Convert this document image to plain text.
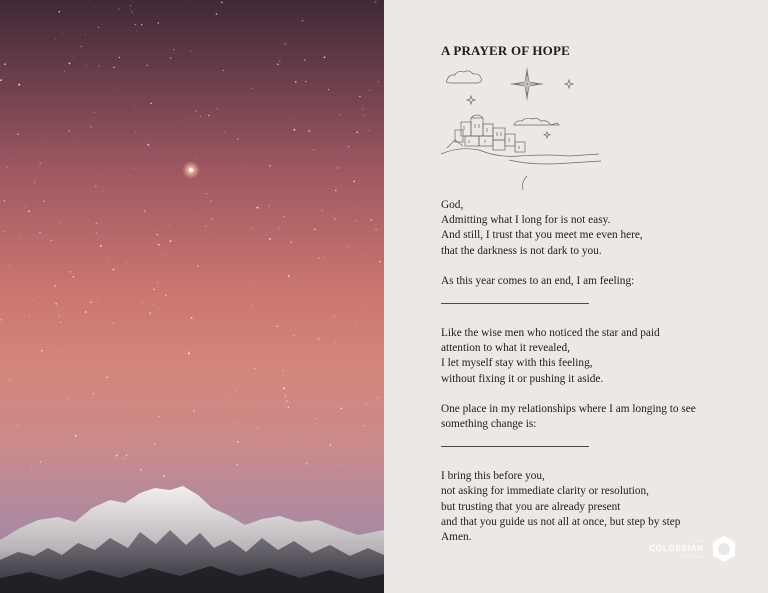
A PRAYER OF HOPE

God,

Admitting what I long for is not easy.

And still, I trust that you meet me even here,

that the darkness is not dark to you.

As this year comes to an end, I am feeling:

Like the wise men who noticed the star and paid

attention to what it revealed,

I let myself stay with this feeling,

without fixing it or pushing it aside.

One place in my relationships where I am longing to see

something change is:

I bring this before you,

not asking for immediate clarity or resolution,

but trusting that you are already present

and that you guide us not all at once, but step by step

Amen.	THE
COLOSSIAN
FORUM
